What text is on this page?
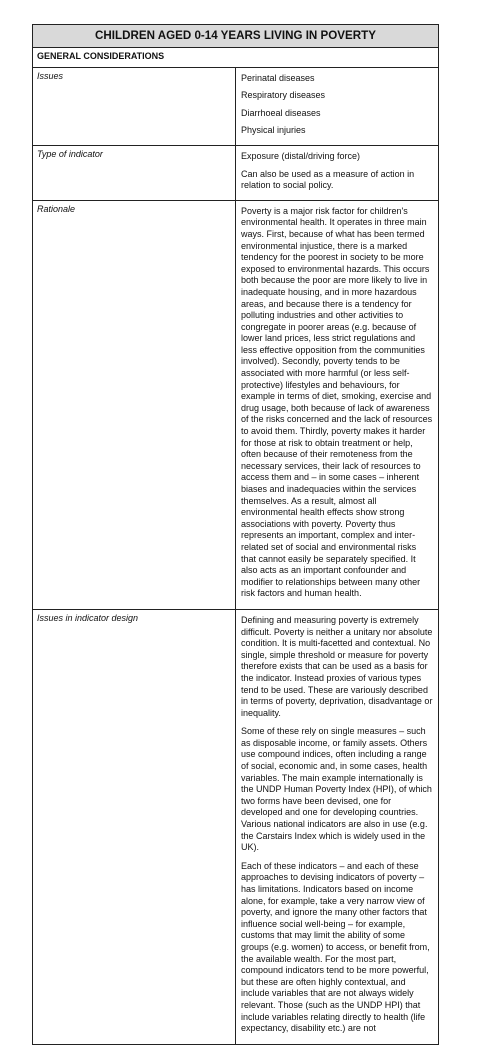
CHILDREN AGED 0-14 YEARS LIVING IN POVERTY	
GENERAL CONSIDERATIONS	
Issues	Perinatal diseases
Respiratory diseases
Diarrhoeal diseases
Physical injuries

Type of indicator	Exposure (distal/driving force)
Can also be used as a measure of action in relation to social policy.

Rationale	Poverty is a major risk factor for children's environmental health. It operates in three main ways. First, because of what has been termed environmental injustice, there is a marked tendency for the poorest in society to be more exposed to environmental hazards. This occurs both because the poor are more likely to live in inadequate housing, and in more hazardous areas, and because there is a tendency for polluting industries and other activities to congregate in poorer areas (e.g. because of lower land prices, less strict regulations and less effective opposition from the communities involved). Secondly, poverty tends to be associated with more harmful (or less self-protective) lifestyles and behaviours, for example in terms of diet, smoking, exercise and drug usage, both because of lack of awareness of the risks concerned and the lack of resources to avoid them. Thirdly, poverty makes it harder for those at risk to obtain treatment or help, often because of their remoteness from the necessary services, their lack of resources to access them and – in some cases – inherent biases and inadequacies within the services themselves. As a result, almost all environmental health effects show strong associations with poverty. Poverty thus represents an important, complex and inter-related set of social and environmental risks that cannot easily be separately specified. It also acts as an important confounder and modifier to relationships between many other risk factors and human health.

Issues in indicator design	Defining and measuring poverty is extremely difficult. Poverty is neither a unitary nor absolute condition. It is multi-facetted and contextual. No single, simple threshold or measure for poverty therefore exists that can be used as a basis for the indicator. Instead proxies of various types tend to be used. These are variously described in terms of poverty, deprivation, disadvantage or inequality.
Some of these rely on single measures – such as disposable income, or family assets. Others use compound indices, often including a range of social, economic and, in some cases, health variables. The main example internationally is the UNDP Human Poverty Index (HPI), of which two forms have been devised, one for developed and one for developing countries. Various national indicators are also in use (e.g. the Carstairs Index which is widely used in the UK).
Each of these indicators – and each of these approaches to devising indicators of poverty – has limitations. Indicators based on income alone, for example, take a very narrow view of poverty, and ignore the many other factors that influence social well-being – for example, customs that may limit the ability of some groups (e.g. women) to access, or benefit from, the available wealth. For the most part, compound indicators tend to be more powerful, but these are often highly contextual, and include variables that are not always widely relevant. Those (such as the UNDP HPI) that include variables relating directly to health (life expectancy, disability etc.) are not
